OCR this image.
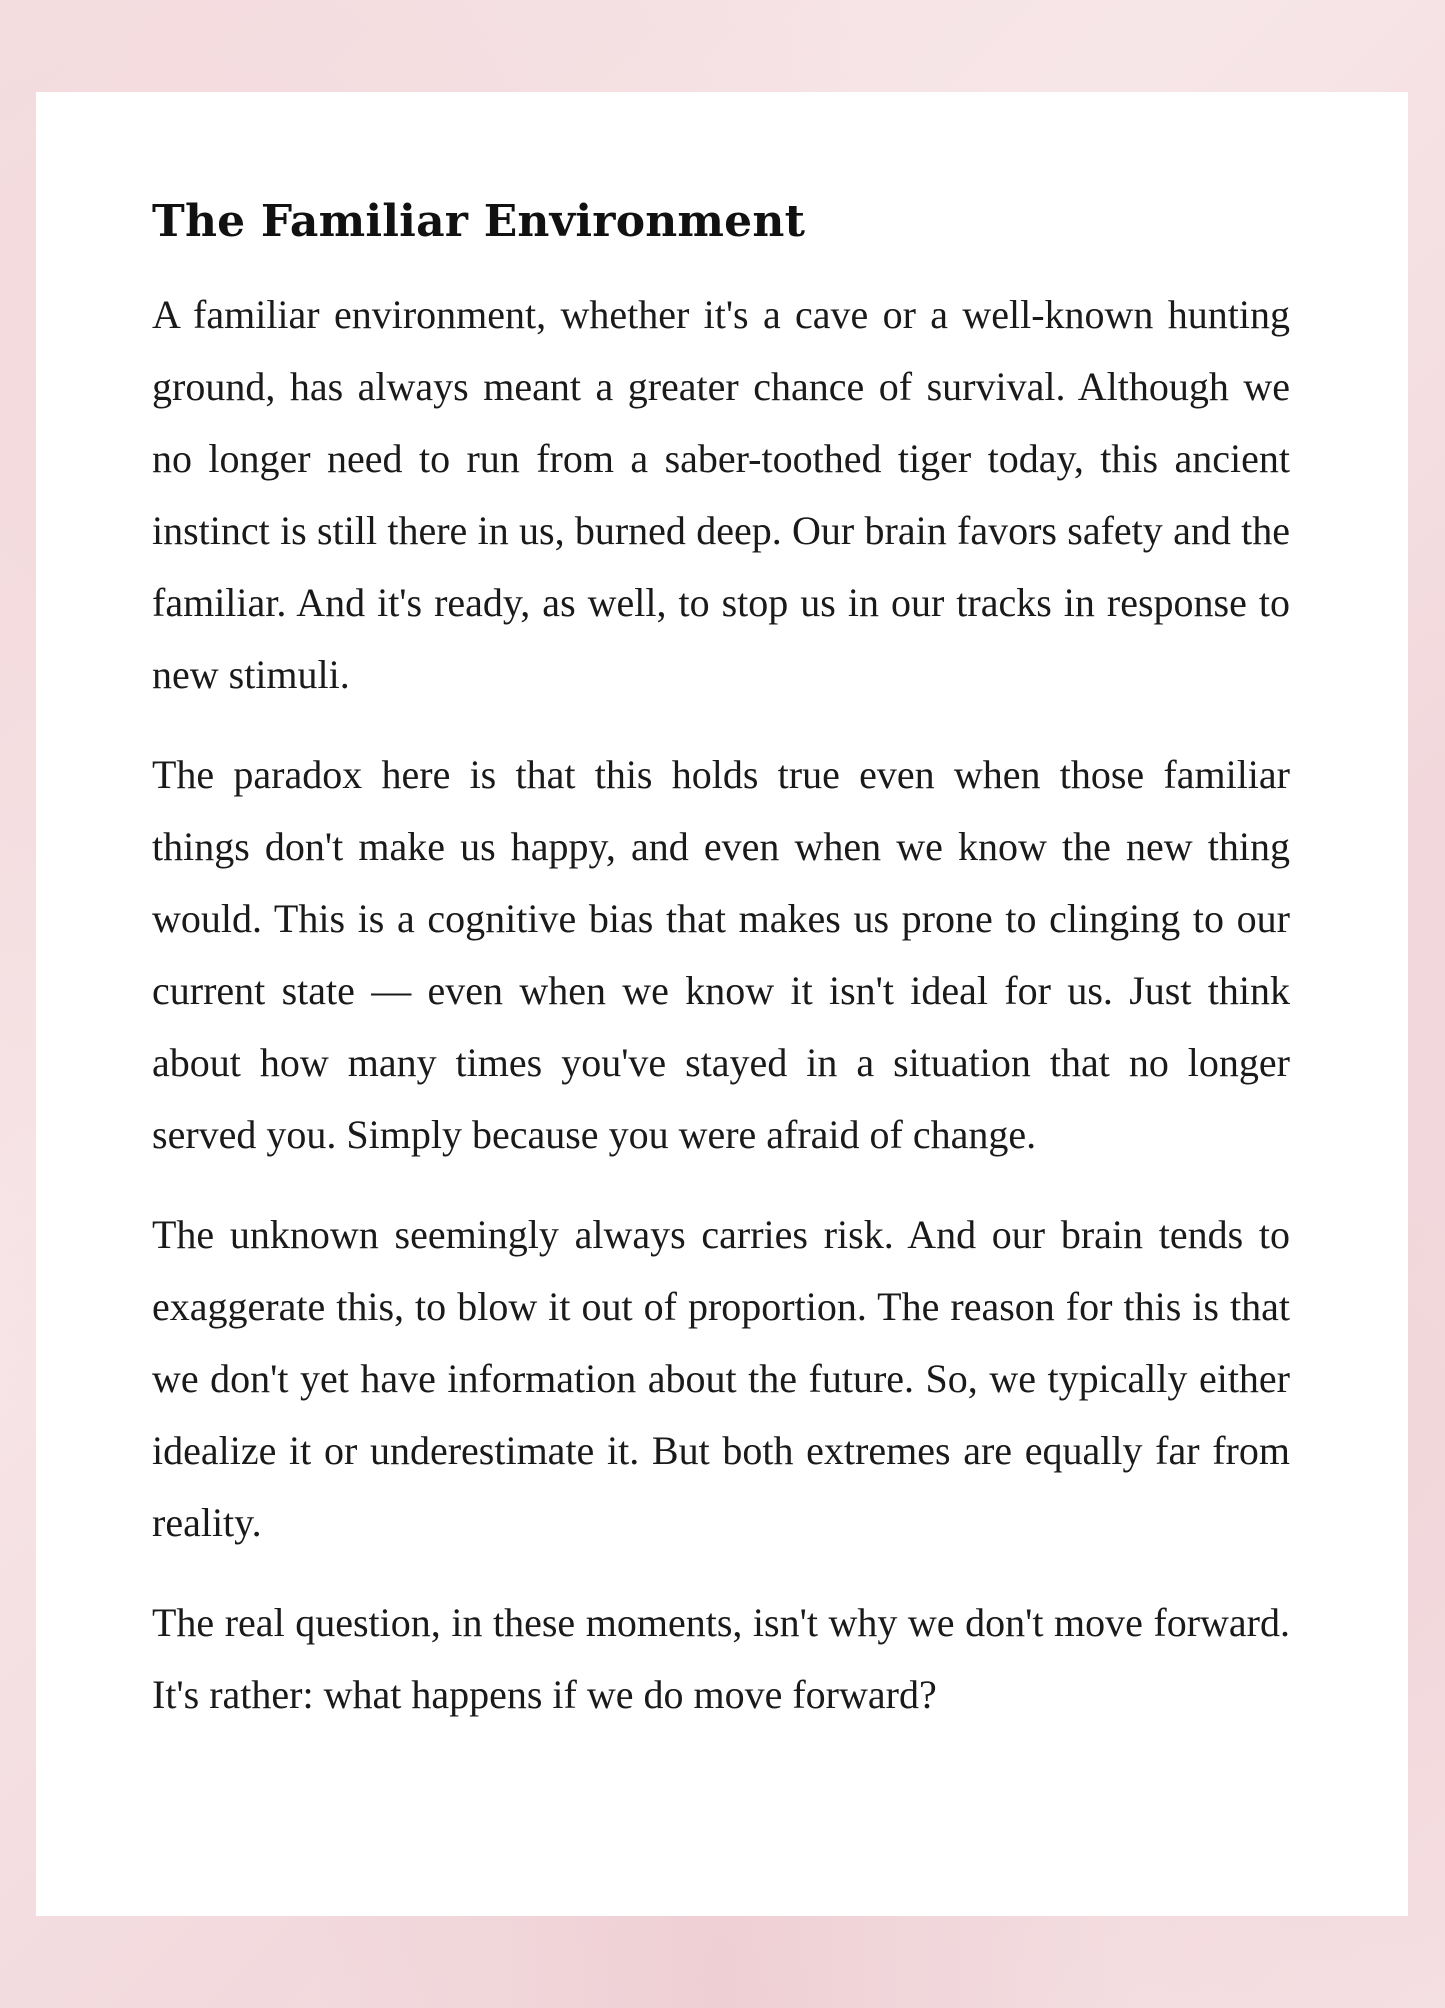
The Familiar Environment

A familiar environment, whether it's a cave or a well-known hunting ground, has always meant a greater chance of survival. Although we no longer need to run from a saber-toothed tiger today, this ancient instinct is still there in us, burned deep. Our brain favors safety and the familiar. And it's ready, as well, to stop us in our tracks in response to new stimuli.

The paradox here is that this holds true even when those familiar things don't make us happy, and even when we know the new thing would. This is a cognitive bias that makes us prone to clinging to our current state — even when we know it isn't ideal for us. Just think about how many times you've stayed in a situation that no longer served you. Simply because you were afraid of change.

The unknown seemingly always carries risk. And our brain tends to exaggerate this, to blow it out of proportion. The reason for this is that we don't yet have information about the future. So, we typically either idealize it or underestimate it. But both extremes are equally far from reality.

The real question, in these moments, isn't why we don't move forward. It's rather: what happens if we do move forward?
